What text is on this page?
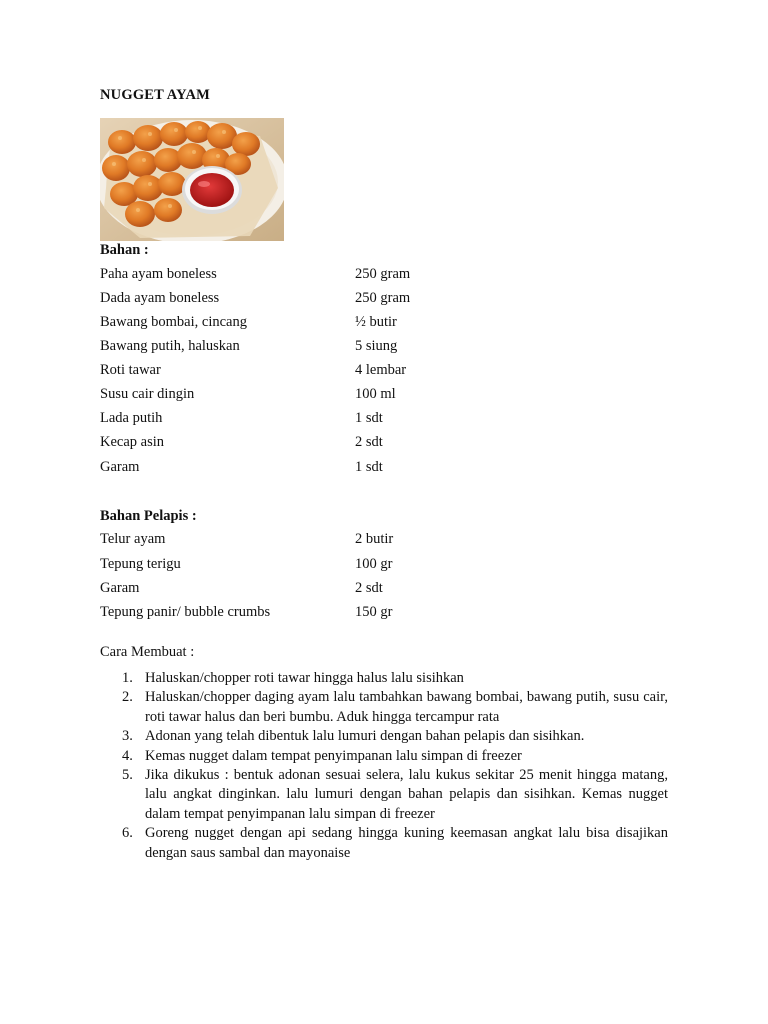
NUGGET AYAM
Bahan :
Paha ayam boneless	250 gram
Dada ayam boneless	250 gram
Bawang bombai, cincang	½ butir
Bawang putih, haluskan	5 siung
Roti tawar	4 lembar
Susu cair dingin	100 ml
Lada putih	1 sdt
Kecap asin	2 sdt
Garam	1 sdt
Bahan Pelapis :
Telur ayam	2 butir
Tepung terigu	100 gr
Garam	2 sdt
Tepung panir/ bubble crumbs	150 gr
Cara Membuat :
1. Haluskan/chopper roti tawar hingga halus lalu sisihkan
2. Haluskan/chopper daging ayam lalu tambahkan bawang bombai, bawang putih, susu cair, roti tawar halus dan beri bumbu. Aduk hingga tercampur rata
3. Adonan yang telah dibentuk lalu lumuri dengan bahan pelapis dan sisihkan.
4. Kemas nugget dalam tempat penyimpanan lalu simpan di freezer
5. Jika dikukus : bentuk adonan sesuai selera, lalu kukus sekitar 25 menit hingga matang, lalu angkat dinginkan. lalu lumuri dengan bahan pelapis dan sisihkan. Kemas nugget dalam tempat penyimpanan lalu simpan di freezer
6. Goreng nugget dengan api sedang hingga kuning keemasan angkat lalu bisa disajikan dengan saus sambal dan mayonaise
